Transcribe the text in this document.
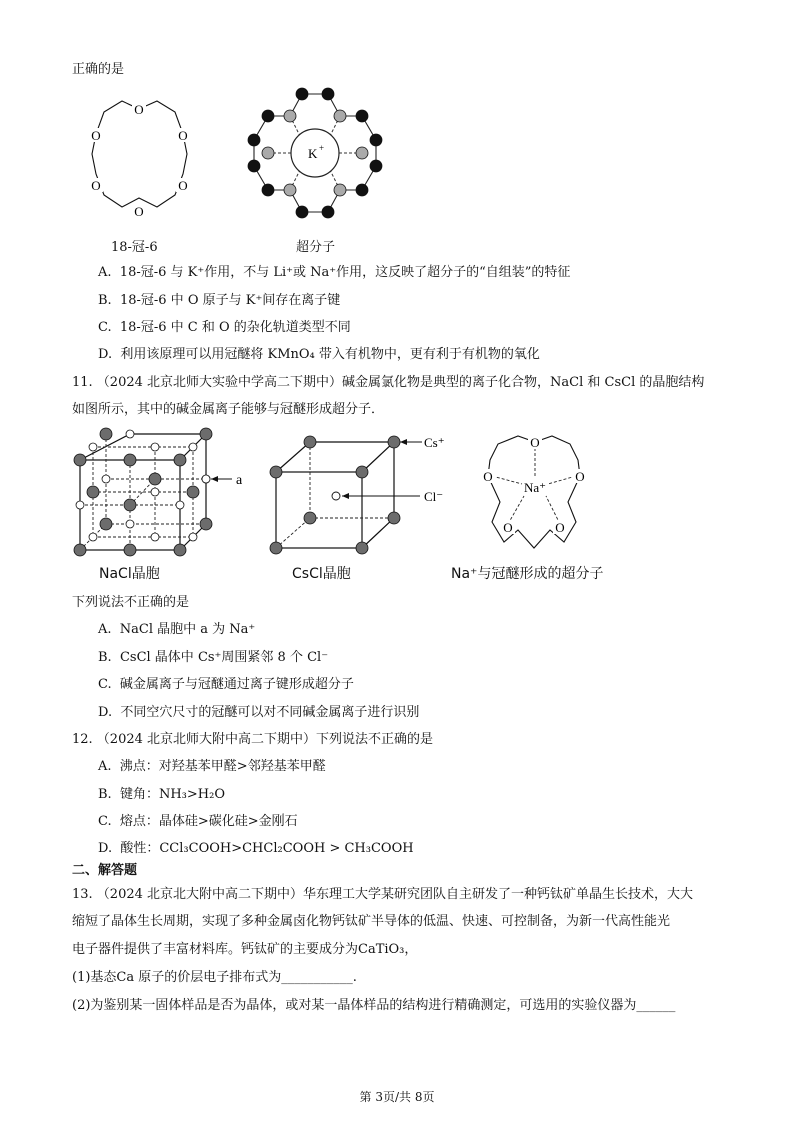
正确的是
O
O	O
O	O
O
18-冠-6
K +
超分子
A. 18-冠-6 与 K⁺作用，不与 Li⁺或 Na⁺作用，这反映了超分子的“自组装”的特征
B. 18-冠-6 中 O 原子与 K⁺间存在离子键
C. 18-冠-6 中 C 和 O 的杂化轨道类型不同
D. 利用该原理可以用冠醚将 KMnO₄ 带入有机物中，更有利于有机物的氧化
11. （2024 北京北师大实验中学高二下期中）碱金属氯化物是典型的离子化合物，NaCl 和 CsCl 的晶胞结构
如图所示，其中的碱金属离子能够与冠醚形成超分子．
a
NaCl晶胞
Cs⁺
Cl⁻
CsCl晶胞
O
O	O
O	O
Na⁺
Na⁺与冠醚形成的超分子
下列说法不正确的是
A. NaCl 晶胞中 a 为 Na⁺
B. CsCl 晶体中 Cs⁺周围紧邻 8 个 Cl⁻
C. 碱金属离子与冠醚通过离子键形成超分子
D. 不同空穴尺寸的冠醚可以对不同碱金属离子进行识别
12. （2024 北京北师大附中高二下期中）下列说法不正确的是
A. 沸点：对羟基苯甲醛>邻羟基苯甲醛
B. 键角：NH₃>H₂O
C. 熔点：晶体硅>碳化硅>金刚石
D. 酸性：CCl₃COOH>CHCl₂COOH > CH₃COOH
二、解答题
13. （2024 北京北大附中高二下期中）华东理工大学某研究团队自主研发了一种钙钛矿单晶生长技术，大大
缩短了晶体生长周期，实现了多种金属卤化物钙钛矿半导体的低温、快速、可控制备，为新一代高性能光
电子器件提供了丰富材料库。钙钛矿的主要成分为CaTiO₃，
(1)基态Ca 原子的价层电子排布式为___________.
(2)为鉴别某一固体样品是否为晶体，或对某一晶体样品的结构进行精确测定，可选用的实验仪器为______
第 3页/共 8页
